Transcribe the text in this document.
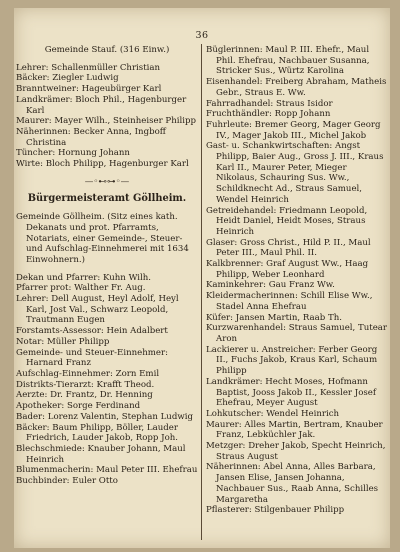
36

Gemeinde Stauf. (316 Einw.)

Lehrer: Schallenmüller Christian

Bäcker: Ziegler Ludwig

Branntweiner: Hageubürger Karl

Landkrämer: Bloch Phil., Hagenburger Karl

Maurer: Mayer Wilh., Steinheiser Philipp

Näherinnen: Becker Anna, Ingboff Christina

Tüncher: Hornung Johann

Wirte: Bloch Philipp, Hagenburger Karl

—◦⊷⊶◦—

Bürgermeisteramt Göllheim.

Gemeinde Göllheim. (Sitz eines kath. Dekanats und prot. Pfarramts, Notariats, einer Gemeinde-, Steuer- und Aufschlag-Einnehmerei mit 1634 Einwohnern.)

Dekan und Pfarrer: Kuhn Wilh.

Pfarrer prot: Walther Fr. Aug.

Lehrer: Dell August, Heyl Adolf, Heyl Karl, Jost Val., Schwarz Leopold, Trautmann Eugen

Forstamts-Assessor: Hein Adalbert

Notar: Müller Philipp

Gemeinde- und Steuer-Einnehmer: Harnard Franz

Aufschlag-Einnehmer: Zorn Emil

Distrikts-Tierarzt: Krafft Theod.

Aerzte: Dr. Frantz, Dr. Henning

Apotheker: Sorge Ferdinand

Bader: Lorenz Valentin, Stephan Ludwig

Bäcker: Baum Philipp, Böller, Lauder Friedrich, Lauder Jakob, Ropp Joh.

Blechschmiede: Knauber Johann, Maul Heinrich

Blumenmacherin: Maul Peter III. Ehefrau

Buchbinder: Euler Otto

Büglerinnen: Maul P. III. Ehefr., Maul Phil. Ehefrau, Nachbauer Susanna, Stricker Sus., Würtz Karolina

Eisenhandel: Freiberg Abraham, Matheis Gebr., Straus E. Ww.

Fahrradhandel: Straus Isidor

Fruchthändler: Ropp Johann

Fuhrleute: Bremer Georg, Mager Georg IV., Mager Jakob III., Michel Jakob

Gast- u. Schankwirtschaften: Angst Philipp, Baier Aug., Gross J. III., Kraus Karl II., Maurer Peter, Mieger Nikolaus, Schauring Sus. Ww., Schildknecht Ad., Straus Samuel, Wendel Heinrich

Getreidehandel: Friedmann Leopold, Heidt Daniel, Heidt Moses, Straus Heinrich

Glaser: Gross Christ., Hild P. II., Maul Peter III., Maul Phil. II.

Kalkbrenner: Graf August Ww., Haag Philipp, Weber Leonhard

Kaminkehrer: Gau Franz Ww.

Kleidermacherinnen: Schill Elise Ww., Stadel Anna Ehefrau

Küfer: Jansen Martin, Raab Th.

Kurzwarenhandel: Straus Samuel, Tutear Aron

Lackierer u. Anstreicher: Ferber Georg II., Fuchs Jakob, Kraus Karl, Schaum Philipp

Landkrämer: Hecht Moses, Hofmann Baptist, Jooss Jakob II., Kessler Josef Ehefrau, Meyer August

Lohkutscher: Wendel Heinrich

Maurer: Alles Martin, Bertram, Knauber Franz, Lebküchler Jak.

Metzger: Dreher Jakob, Specht Heinrich, Straus August

Näherinnen: Abel Anna, Alles Barbara, Jansen Elise, Jansen Johanna, Nachbauer Sus., Raab Anna, Schilles Margaretha

Pflasterer: Stilgenbauer Philipp
